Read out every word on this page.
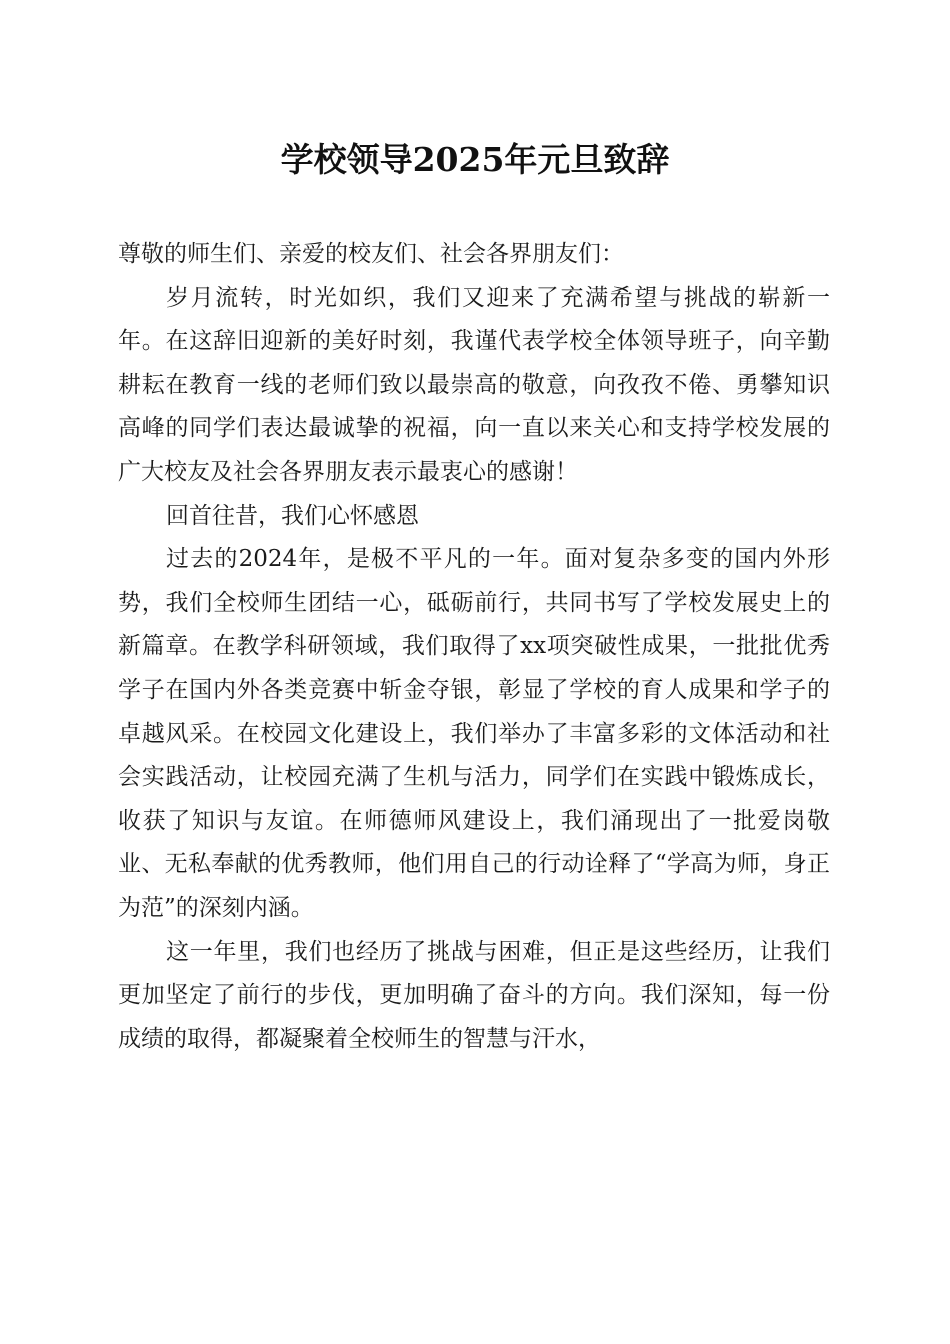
学校领导2025年元旦致辞

尊敬的师生们、亲爱的校友们、社会各界朋友们：

岁月流转，时光如织，我们又迎来了充满希望与挑战的崭新一年。在这辞旧迎新的美好时刻，我谨代表学校全体领导班子，向辛勤耕耘在教育一线的老师们致以最崇高的敬意，向孜孜不倦、勇攀知识高峰的同学们表达最诚挚的祝福，向一直以来关心和支持学校发展的广大校友及社会各界朋友表示最衷心的感谢！

回首往昔，我们心怀感恩

过去的2024年，是极不平凡的一年。面对复杂多变的国内外形势，我们全校师生团结一心，砥砺前行，共同书写了学校发展史上的新篇章。在教学科研领域，我们取得了xx项突破性成果，一批批优秀学子在国内外各类竞赛中斩金夺银，彰显了学校的育人成果和学子的卓越风采。在校园文化建设上，我们举办了丰富多彩的文体活动和社会实践活动，让校园充满了生机与活力，同学们在实践中锻炼成长，收获了知识与友谊。在师德师风建设上，我们涌现出了一批爱岗敬业、无私奉献的优秀教师，他们用自己的行动诠释了“学高为师，身正为范”的深刻内涵。

这一年里，我们也经历了挑战与困难，但正是这些经历，让我们更加坚定了前行的步伐，更加明确了奋斗的方向。我们深知，每一份成绩的取得，都凝聚着全校师生的智慧与汗水，
